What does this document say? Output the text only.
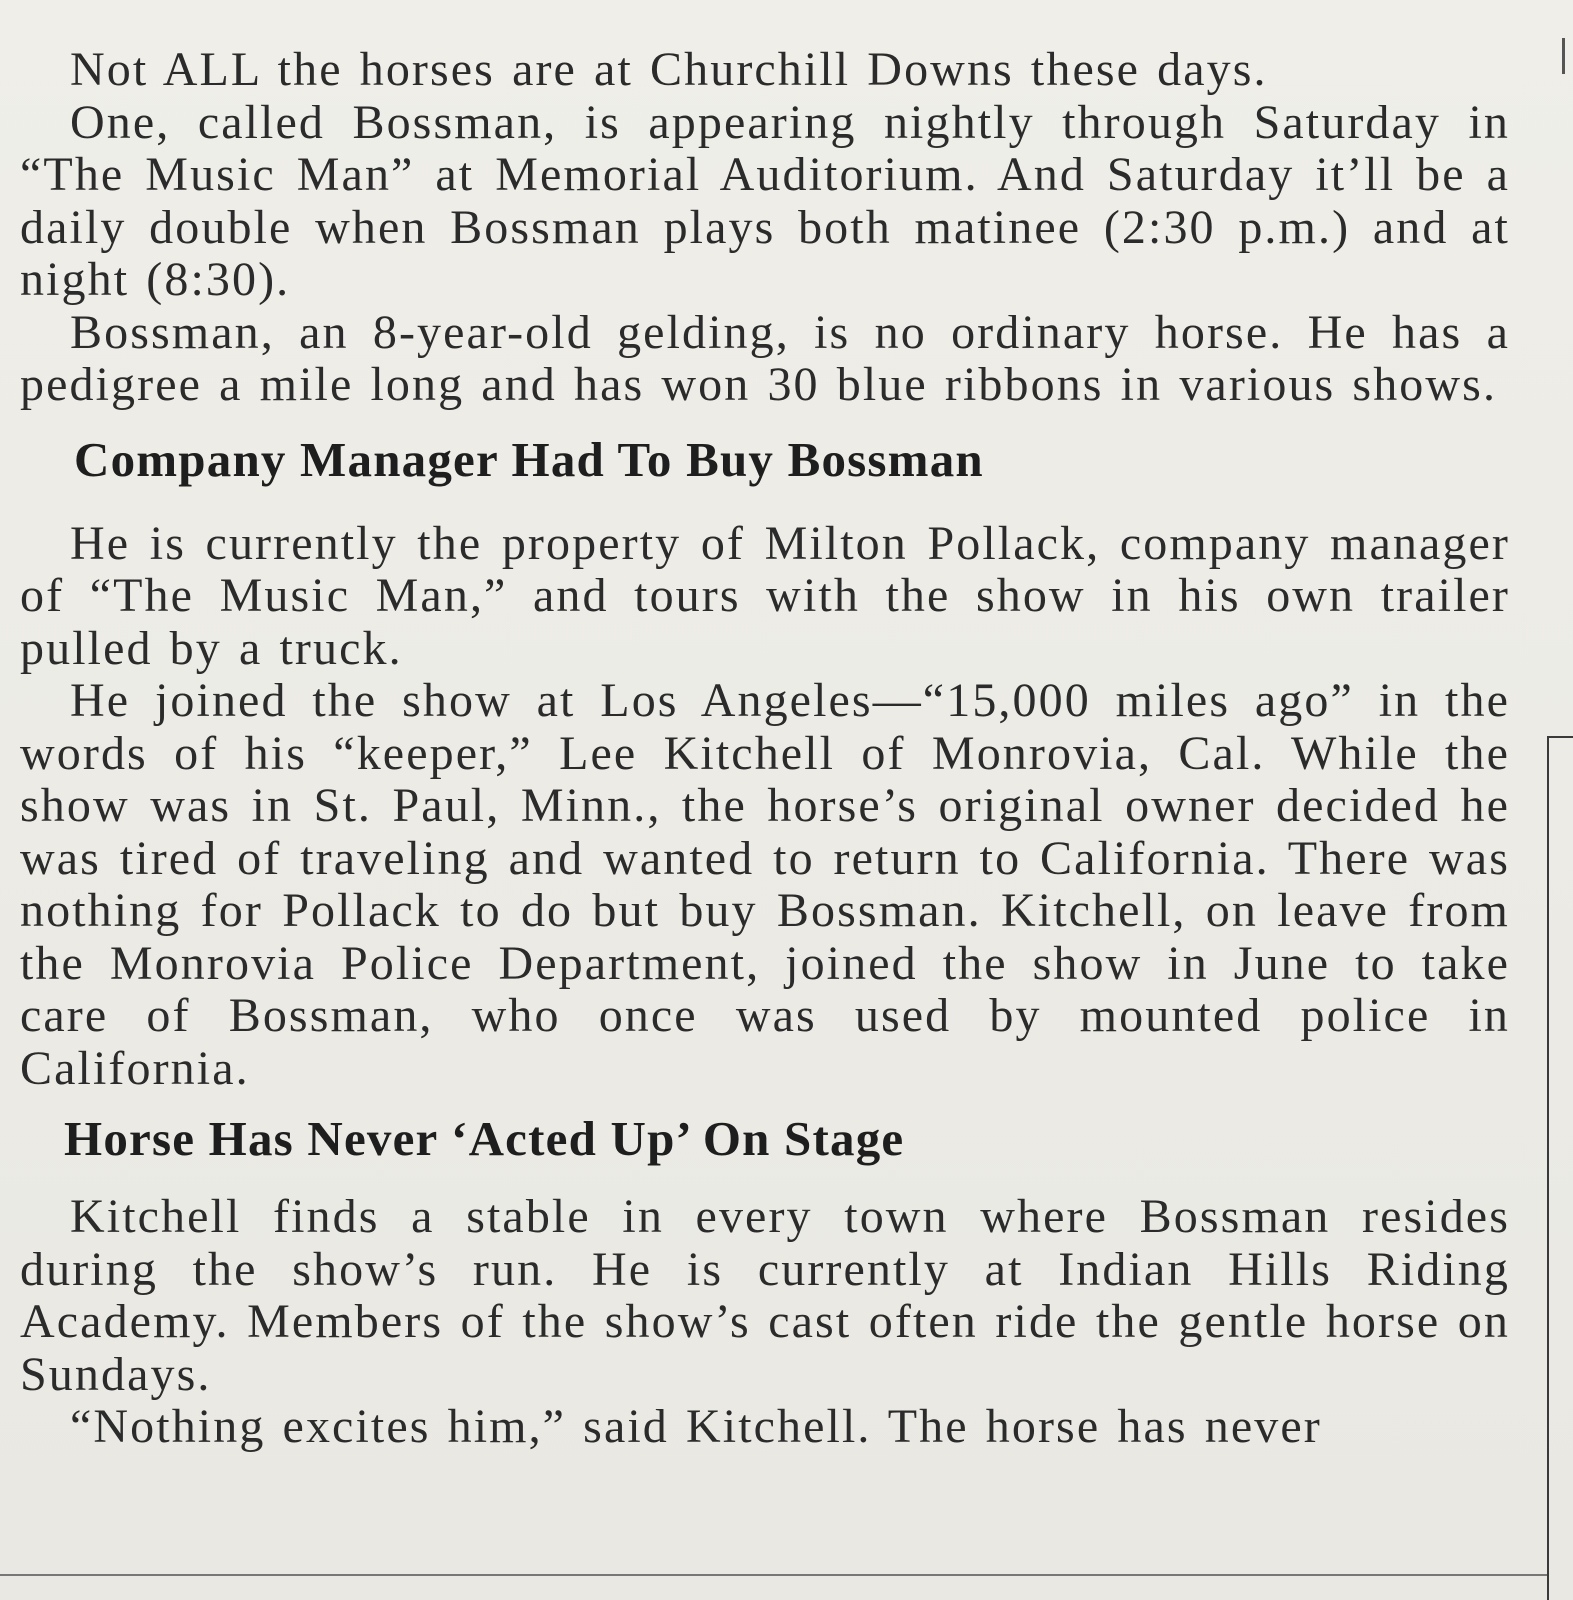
Not ALL the horses are at Churchill Downs these days.

One, called Bossman, is appearing nightly through Saturday in “The Music Man” at Memorial Auditorium. And Saturday it’ll be a daily double when Bossman plays both matinee (2:30 p.m.) and at night (8:30).

Bossman, an 8-year-old gelding, is no ordinary horse. He has a pedigree a mile long and has won 30 blue ribbons in various shows.

Company Manager Had To Buy Bossman

He is currently the property of Milton Pollack, company manager of “The Music Man,” and tours with the show in his own trailer pulled by a truck.

He joined the show at Los Angeles—“15,000 miles ago” in the words of his “keeper,” Lee Kitchell of Monrovia, Cal. While the show was in St. Paul, Minn., the horse’s original owner decided he was tired of traveling and wanted to return to California. There was nothing for Pollack to do but buy Bossman. Kitchell, on leave from the Monrovia Police Department, joined the show in June to take care of Bossman, who once was used by mounted police in California.

Horse Has Never ‘Acted Up’ On Stage

Kitchell finds a stable in every town where Bossman resides during the show’s run. He is currently at Indian Hills Riding Academy. Members of the show’s cast often ride the gentle horse on Sundays.

“Nothing excites him,” said Kitchell. The horse has never
